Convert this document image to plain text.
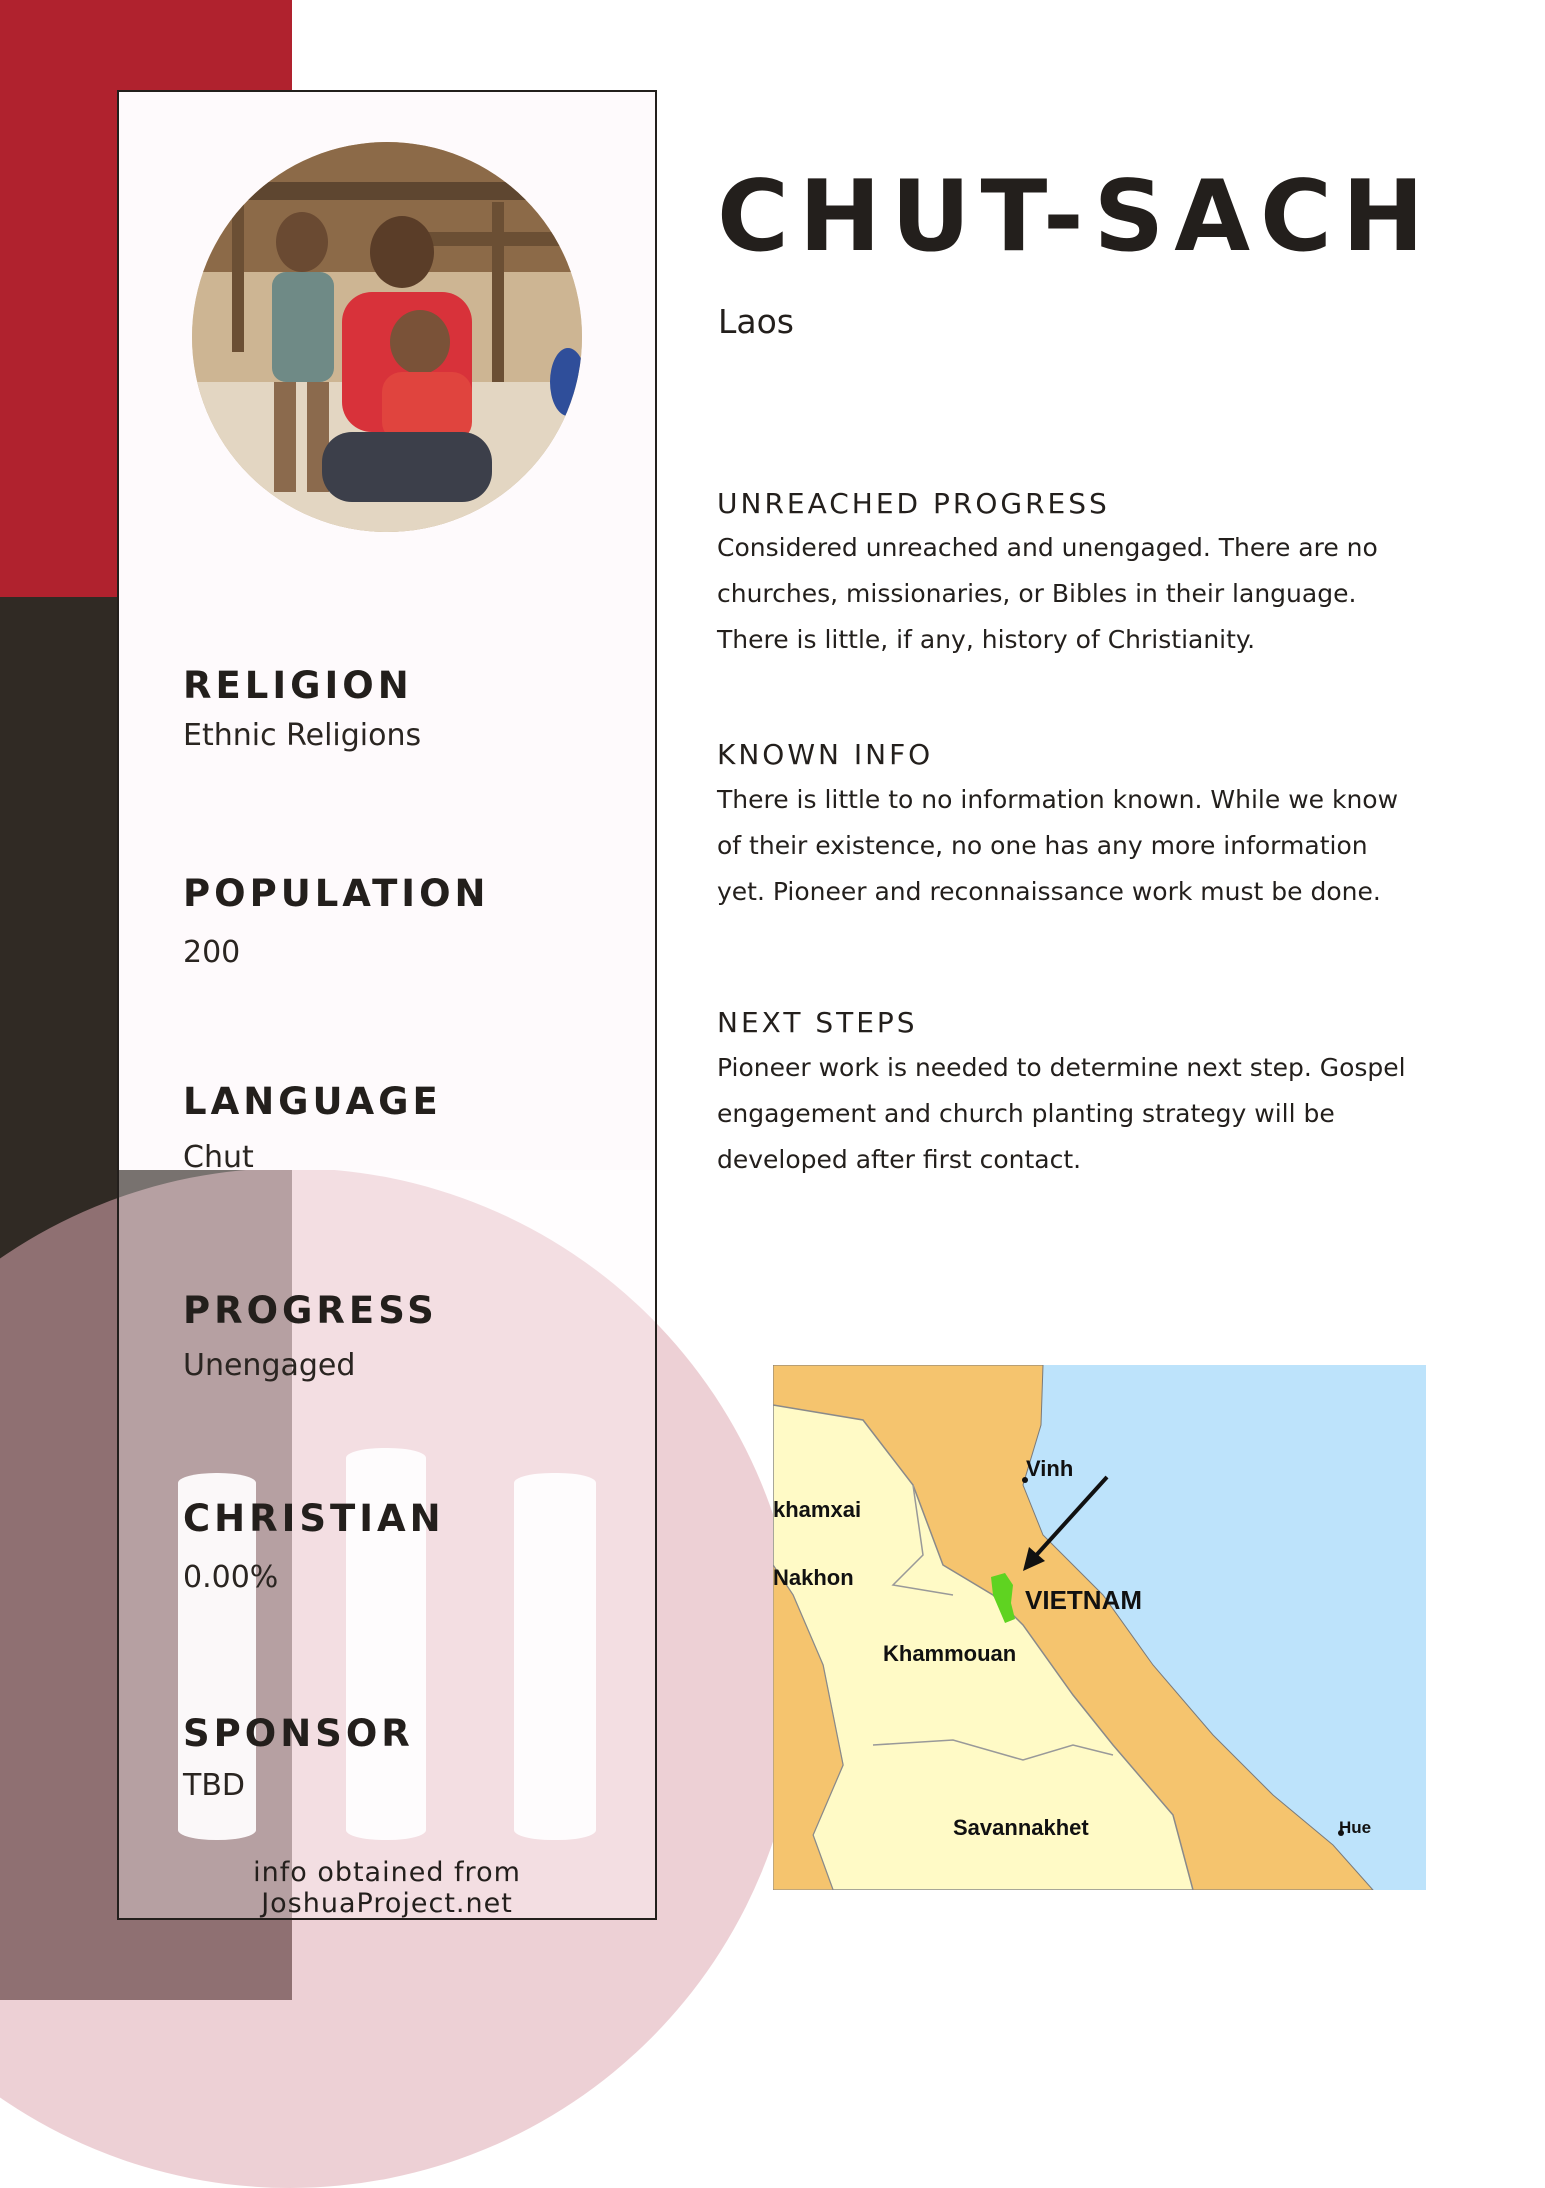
RELIGION
Ethnic Religions
POPULATION
200
LANGUAGE
Chut
PROGRESS
Unengaged
CHRISTIAN
0.00%
SPONSOR
TBD
info obtained from JoshuaProject.net
CHUT-SACH
Laos
UNREACHED PROGRESS
Considered unreached and unengaged. There are no
churches, missionaries, or Bibles in their language.
There is little, if any, history of Christianity.
KNOWN INFO
There is little to no information known. While we know
of their existence, no one has any more information
yet. Pioneer and reconnaissance work must be done.
NEXT STEPS
Pioneer work is needed to determine next step. Gospel
engagement and church planting strategy will be
developed after first contact.
Vinh
khamxai
Nakhon
VIETNAM
Khammouan
Savannakhet	Hue
